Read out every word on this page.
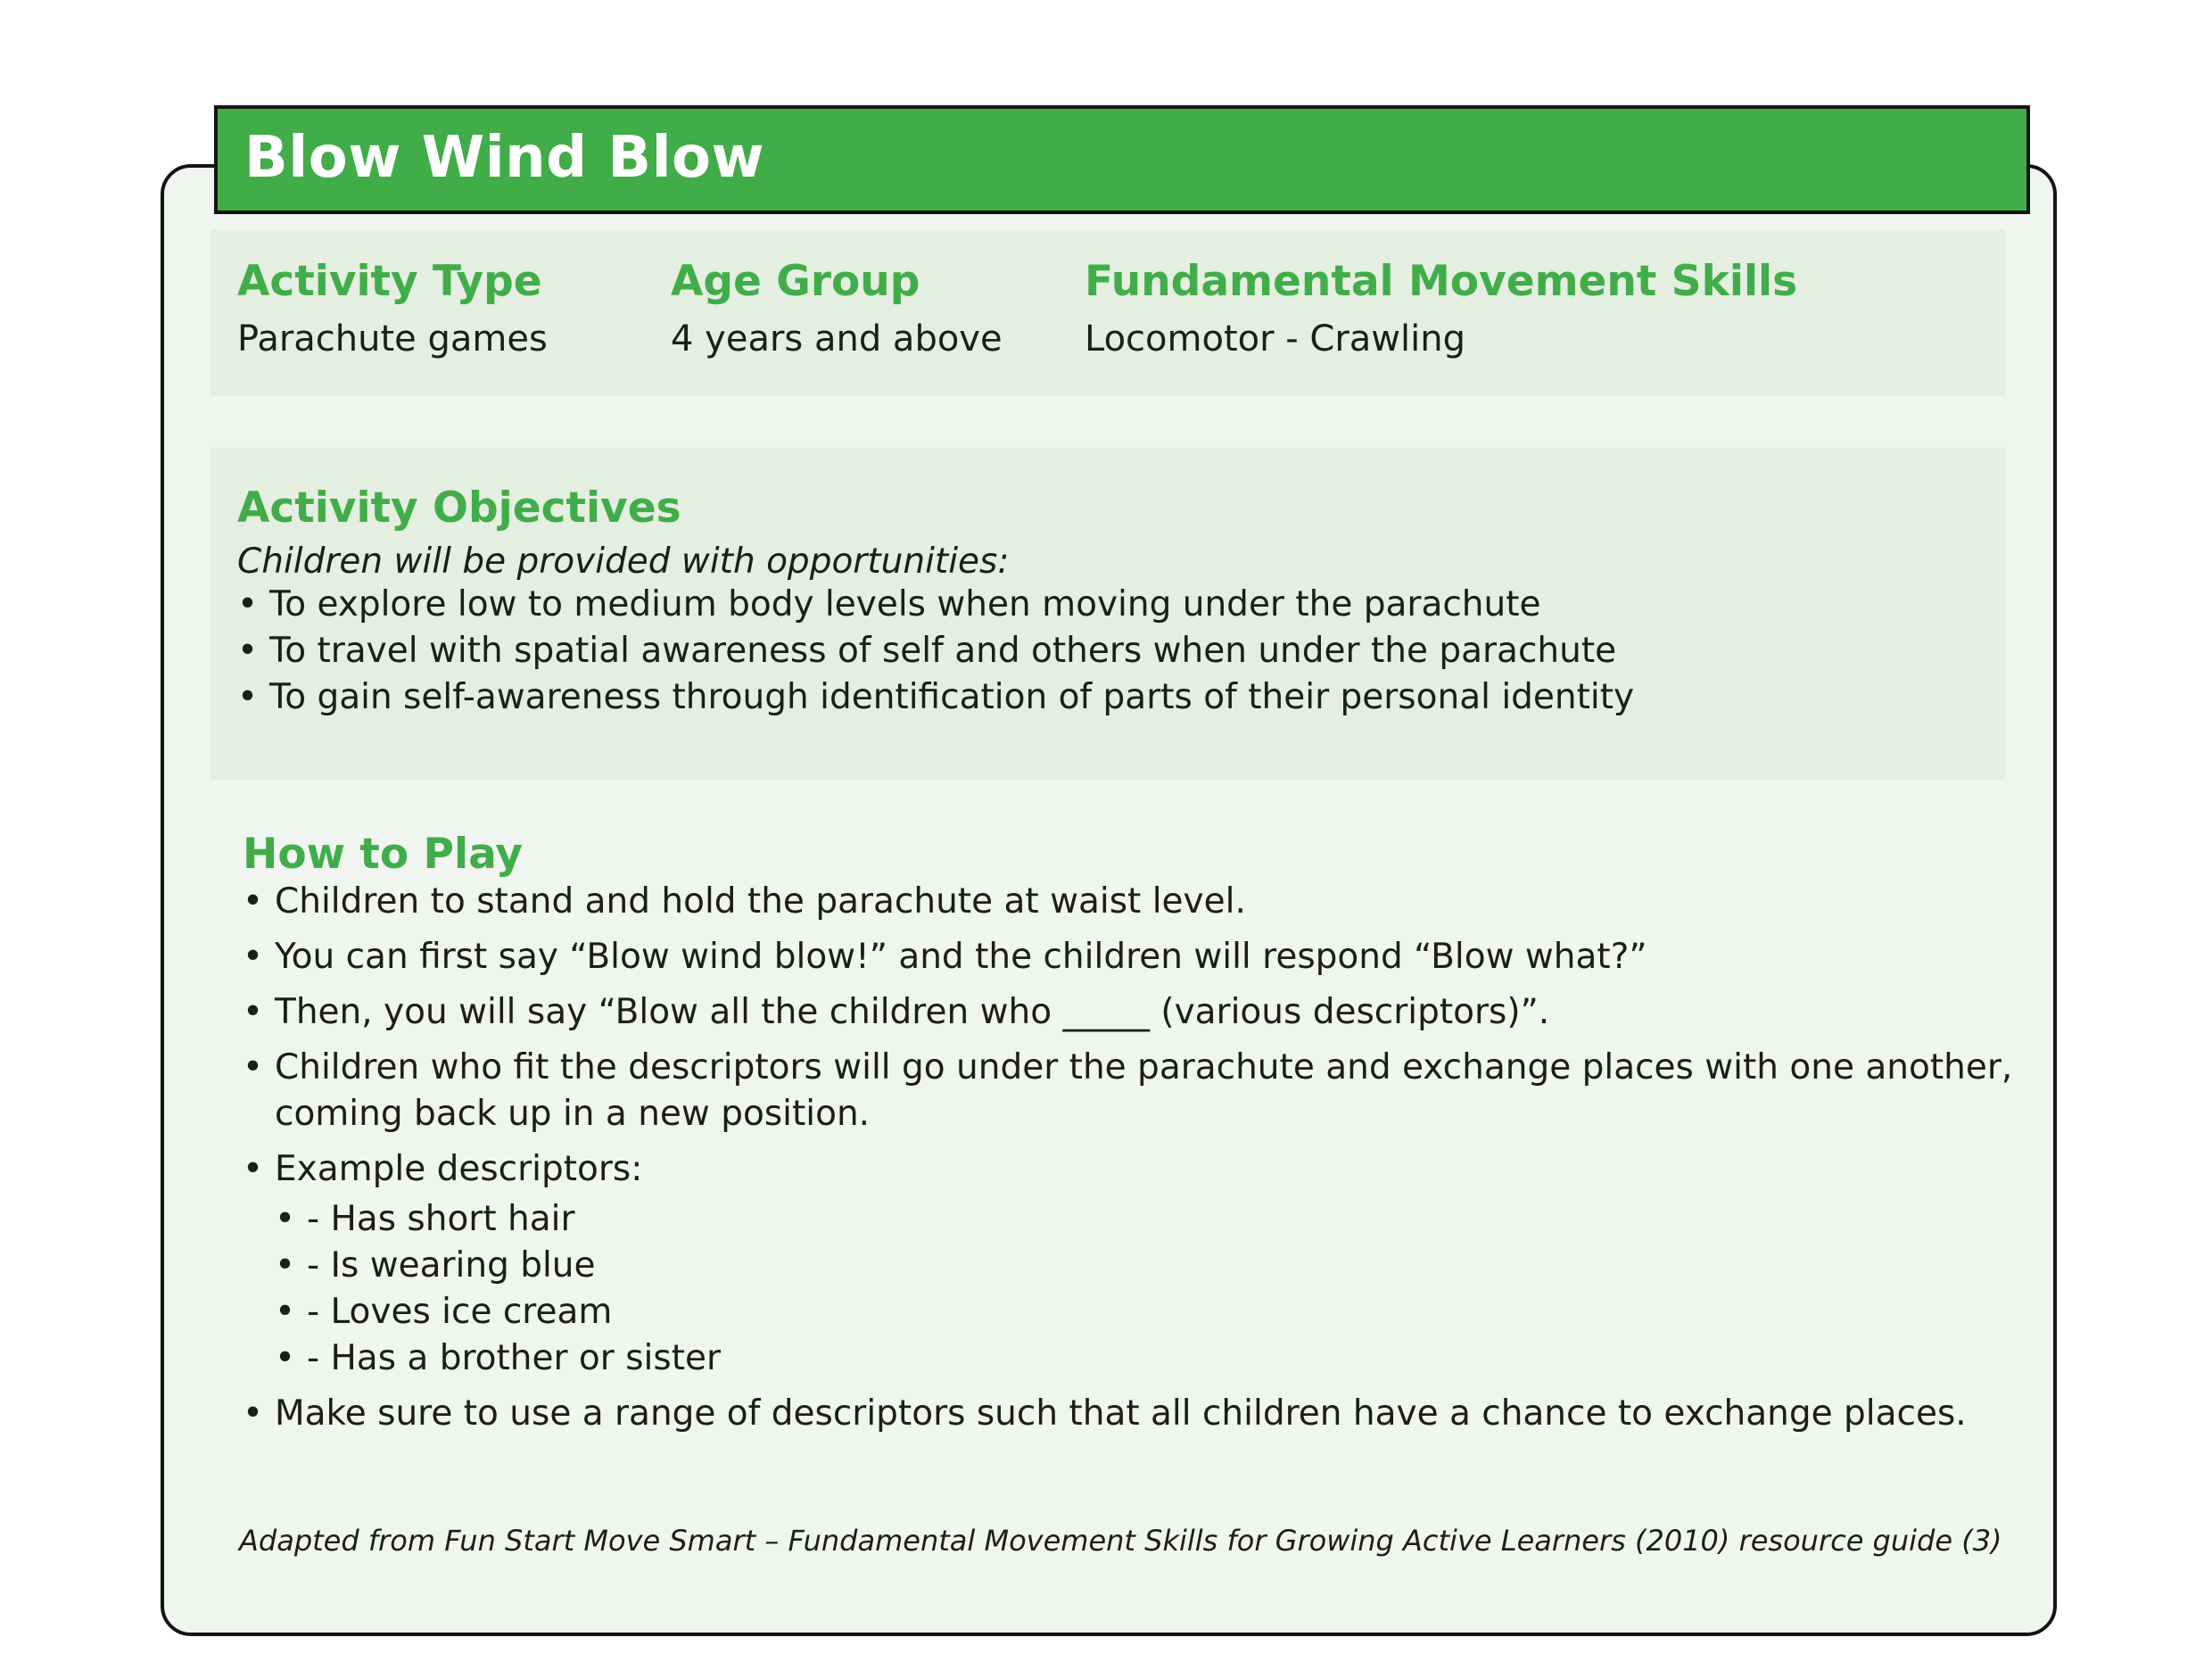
Blow Wind Blow
Activity Type
Parachute games
Age Group
4 years and above
Fundamental Movement Skills
Locomotor - Crawling
Activity Objectives
Children will be provided with opportunities:
• To explore low to medium body levels when moving under the parachute
• To travel with spatial awareness of self and others when under the parachute
• To gain self-awareness through identification of parts of their personal identity
How to Play
• Children to stand and hold the parachute at waist level.
• You can first say “Blow wind blow!” and the children will respond “Blow what?”
• Then, you will say “Blow all the children who _____ (various descriptors)”.
• Children who fit the descriptors will go under the parachute and exchange places with one another, coming back up in a new position.
• Example descriptors:
• - Has short hair
• - Is wearing blue
• - Loves ice cream
• - Has a brother or sister
• Make sure to use a range of descriptors such that all children have a chance to exchange places.
Adapted from Fun Start Move Smart – Fundamental Movement Skills for Growing Active Learners (2010) resource guide (3)
